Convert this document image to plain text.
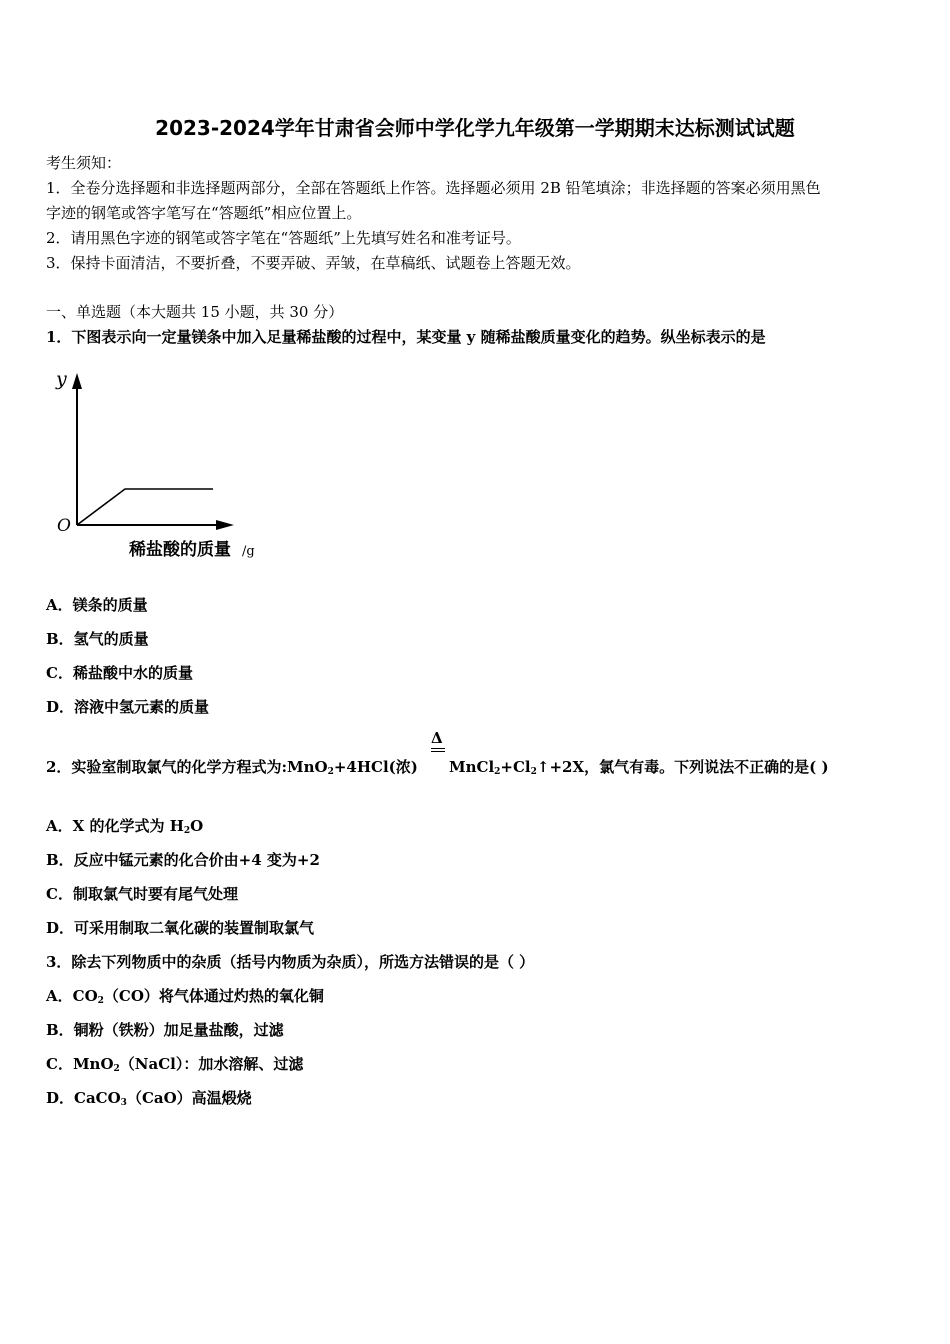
2023-2024学年甘肃省会师中学化学九年级第一学期期末达标测试试题
考生须知：
1．全卷分选择题和非选择题两部分，全部在答题纸上作答。选择题必须用 2B 铅笔填涂；非选择题的答案必须用黑色
字迹的钢笔或答字笔写在“答题纸”相应位置上。
2．请用黑色字迹的钢笔或答字笔在“答题纸”上先填写姓名和准考证号。
3．保持卡面清洁，不要折叠，不要弄破、弄皱，在草稿纸、试题卷上答题无效。
一、单选题（本大题共 15 小题，共 30 分）
1．下图表示向一定量镁条中加入足量稀盐酸的过程中，某变量 y 随稀盐酸质量变化的趋势。纵坐标表示的是
y
O
稀盐酸的质量 /g
A．镁条的质量
B．氢气的质量
C．稀盐酸中水的质量
D．溶液中氢元素的质量
Δ
2．实验室制取氯气的化学方程式为:MnO$_2$+4HCl(浓) $MnCl_2+Cl_2↑+2X$，氯气有毒。下列说法不正确的是( )
A．X 的化学式为 $H_2O$
B．反应中锰元素的化合价由+4 变为+2
C．制取氯气时要有尾气处理
D．可采用制取二氧化碳的装置制取氯气
3．除去下列物质中的杂质（括号内物质为杂质），所选方法错误的是（ ）
A．$CO_2(CO)$将气体通过灼热的氧化铜
B．铜粉（铁粉）加足量盐酸，过滤
C．MnO$_2$（NaCl）：加水溶解、过滤
D．CaCO$_3$（CaO）高温煅烧
